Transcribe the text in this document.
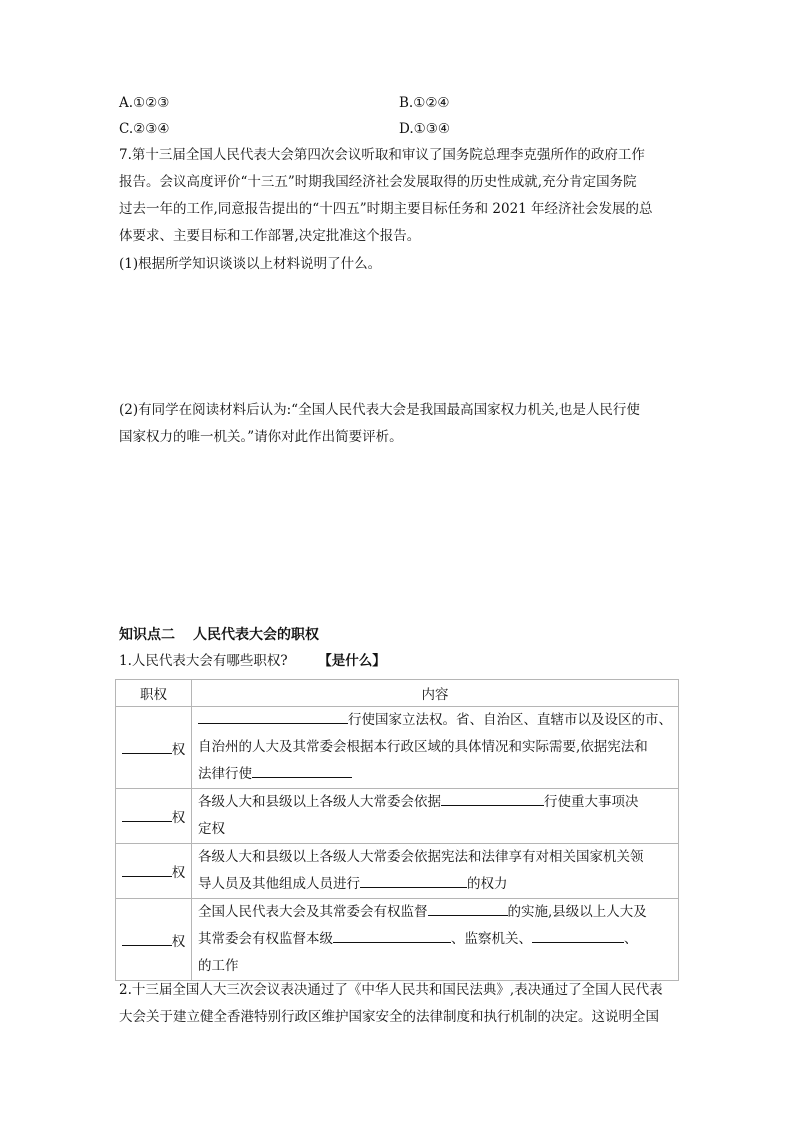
A.①②③	B.①②④
C.②③④	D.①③④
7.第十三届全国人民代表大会第四次会议听取和审议了国务院总理李克强所作的政府工作
报告。会议高度评价“十三五”时期我国经济社会发展取得的历史性成就,充分肯定国务院
过去一年的工作,同意报告提出的“十四五”时期主要目标任务和 2021 年经济社会发展的总
体要求、主要目标和工作部署,决定批准这个报告。
(1)根据所学知识谈谈以上材料说明了什么。
(2)有同学在阅读材料后认为:“全国人民代表大会是我国最高国家权力机关,也是人民行使
国家权力的唯一机关。”请你对此作出简要评析。
知识点二 人民代表大会的职权
1.人民代表大会有哪些职权? 【是什么】
职权	内容
权	行使国家立法权。省、自治区、直辖市以及设区的市、
自治州的人大及其常委会根据本行政区域的具体情况和实际需要,依据宪法和
法律行使

权	各级人大和县级以上各级人大常委会依据 行使重大事项决
定权

权	各级人大和县级以上各级人大常委会依据宪法和法律享有对相关国家机关领
导人员及其他组成人员进行 的权力

权	全国人民代表大会及其常委会有权监督 的实施,县级以上人大及
其常委会有权监督本级 、监察机关、 、
的工作
2.十三届全国人大三次会议表决通过了《中华人民共和国民法典》,表决通过了全国人民代表
大会关于建立健全香港特别行政区维护国家安全的法律制度和执行机制的决定。这说明全国
